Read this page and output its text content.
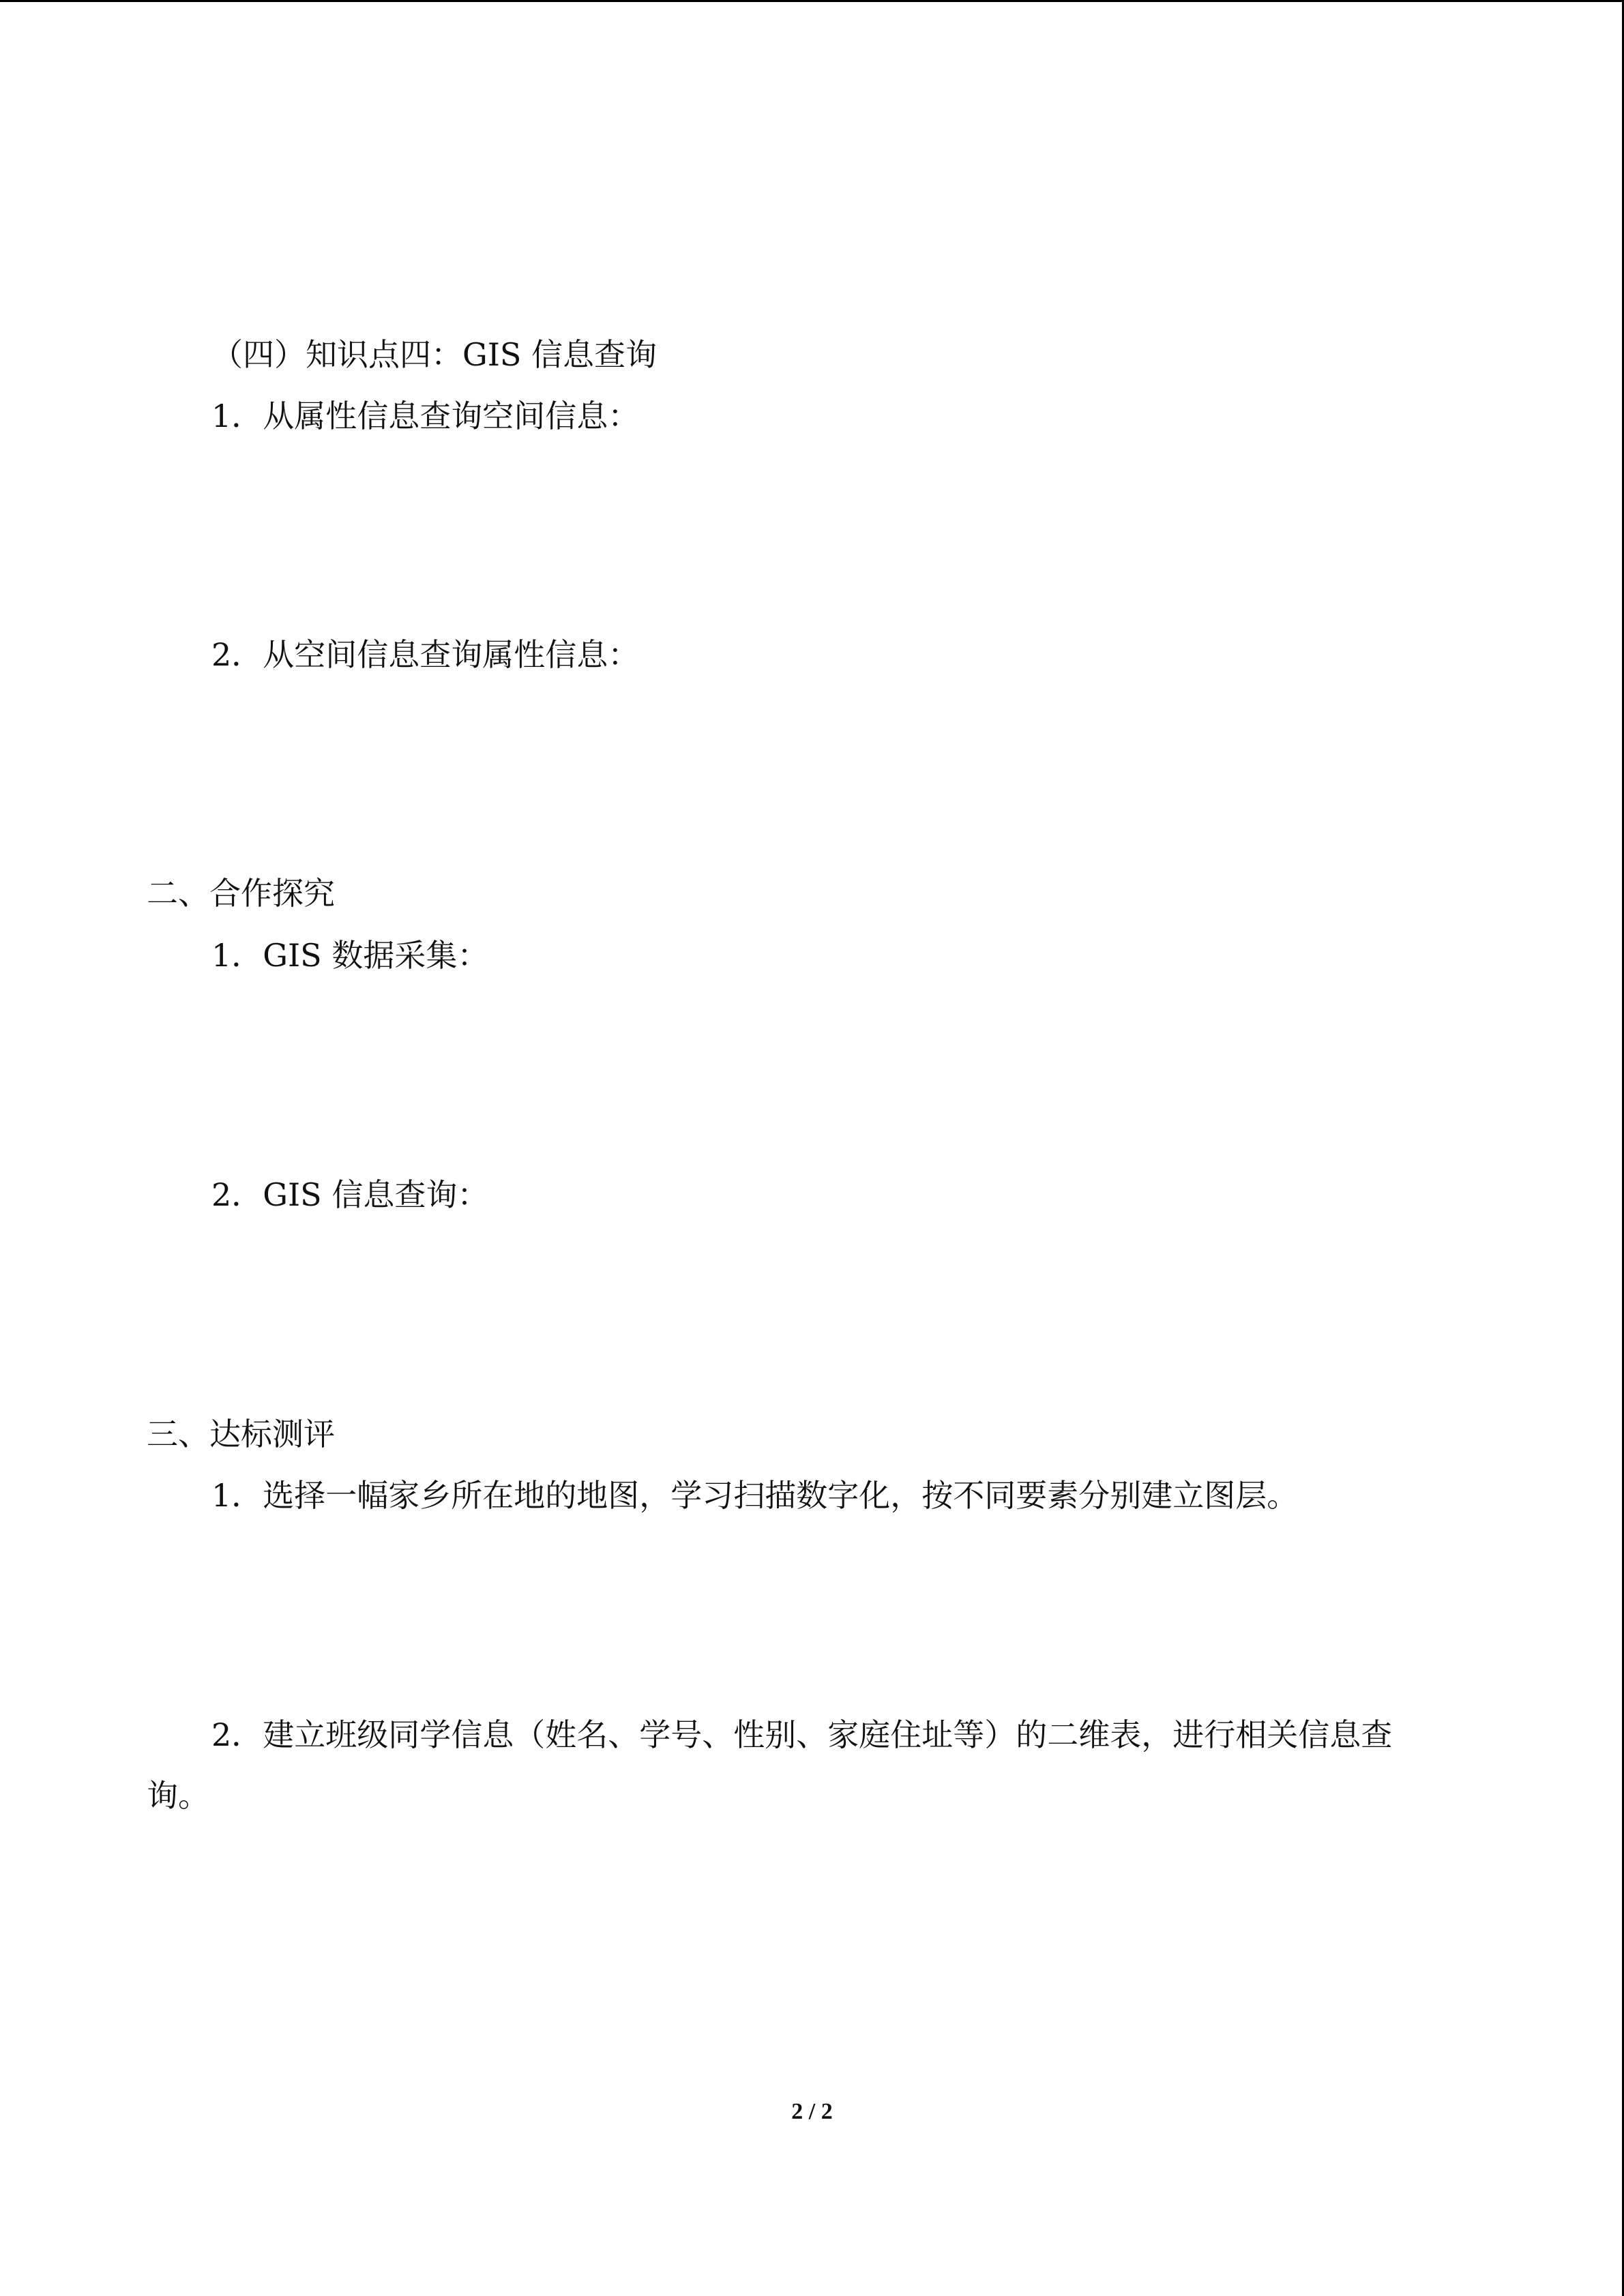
（四）知识点四：GIS 信息查询
1．从属性信息查询空间信息：
2．从空间信息查询属性信息：
二、合作探究
1．GIS 数据采集：
2．GIS 信息查询：
三、达标测评
1．选择一幅家乡所在地的地图，学习扫描数字化，按不同要素分别建立图层。
2．建立班级同学信息（姓名、学号、性别、家庭住址等）的二维表，进行相关信息查
询。
2 / 2
